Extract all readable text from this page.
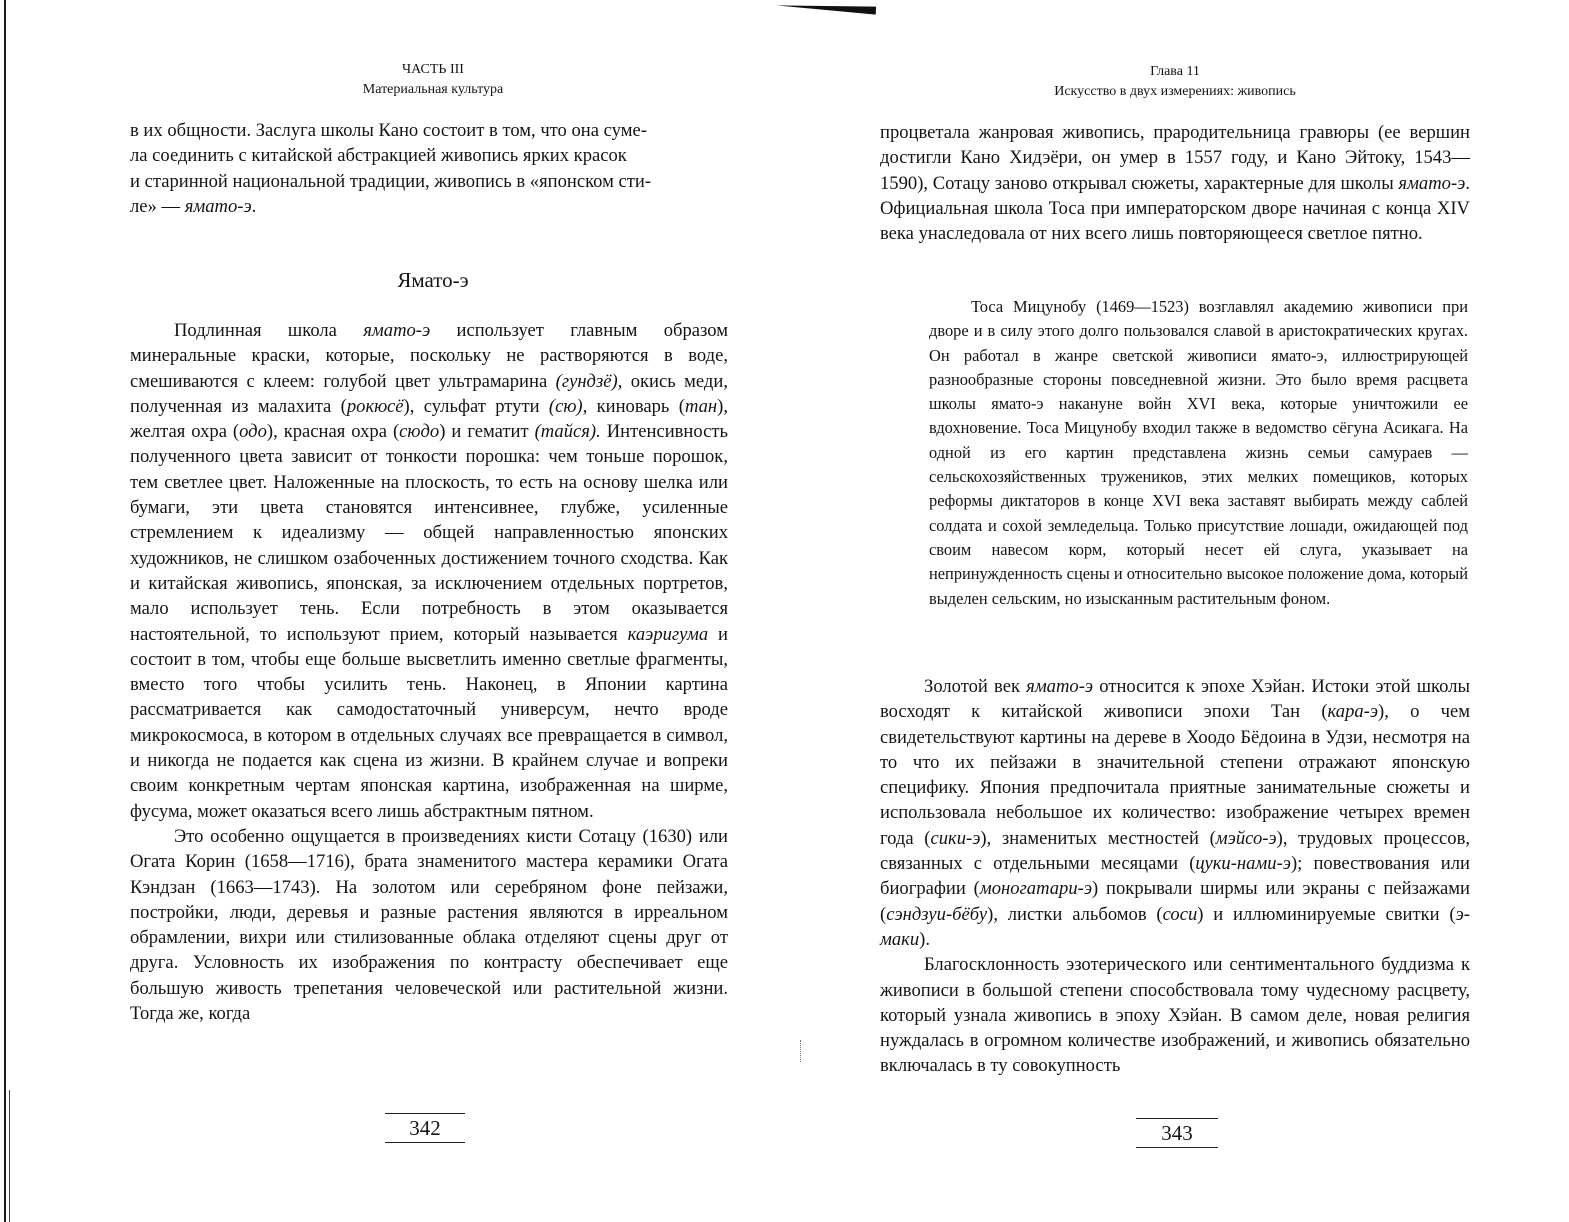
ЧАСТЬ III
Материальная культура
в их общности. Заслуга школы Кано состоит в том, что она суме-
ла соединить с китайской абстракцией живопись ярких красок
и старинной национальной традиции, живопись в «японском сти-
ле» — ямато-э.
Ямато-э

Подлинная школа ямато-э использует главным образом минеральные краски, которые, поскольку не растворяются в воде, смешиваются с клеем: голубой цвет ультрамарина (гундзё), окись меди, полученная из малахита (рокюсё), сульфат ртути (сю), киноварь (тан), желтая охра (одо), красная охра (сюдо) и гематит (тайся). Интенсивность полученного цвета зависит от тонкости порошка: чем тоньше порошок, тем светлее цвет. Наложенные на плоскость, то есть на основу шелка или бумаги, эти цвета становятся интенсивнее, глубже, усиленные стремлением к идеализму — общей направленностью японских художников, не слишком озабоченных достижением точного сходства. Как и китайская живопись, японская, за исключением отдельных портретов, мало использует тень. Если потребность в этом оказывается настоятельной, то используют прием, который называется каэригума и состоит в том, чтобы еще больше высветлить именно светлые фрагменты, вместо того чтобы усилить тень. Наконец, в Японии картина рассматривается как самодостаточный универсум, нечто вроде микрокосмоса, в котором в отдельных случаях все превращается в символ, и никогда не подается как сцена из жизни. В крайнем случае и вопреки своим конкретным чертам японская картина, изображенная на ширме, фусума, может оказаться всего лишь абстрактным пятном.

Это особенно ощущается в произведениях кисти Сотацу (1630) или Огата Корин (1658—1716), брата знаменитого мастера керамики Огата Кэндзан (1663—1743). На золотом или серебряном фоне пейзажи, постройки, люди, деревья и разные растения являются в ирреальном обрамлении, вихри или стилизованные облака отделяют сцены друг от друга. Условность их изображения по контрасту обеспечивает еще большую живость трепетания человеческой или растительной жизни. Тогда же, когда

342
Глава 11
Искусство в двух измерениях: живопись

процветала жанровая живопись, прародительница гравюры (ее вершин достигли Кано Хидэёри, он умер в 1557 году, и Кано Эйтоку, 1543—1590), Сотацу заново открывал сюжеты, характерные для школы ямато-э. Официальная школа Тоса при императорском дворе начиная с конца XIV века унаследовала от них всего лишь повторяющееся светлое пятно.

Тоса Мицунобу (1469—1523) возглавлял академию живописи при дворе и в силу этого долго пользовался славой в аристократических кругах. Он работал в жанре светской живописи ямато-э, иллюстрирующей разнообразные стороны повседневной жизни. Это было время расцвета школы ямато-э накануне войн XVI века, которые уничтожили ее вдохновение. Тоса Мицунобу входил также в ведомство сёгуна Асикага. На одной из его картин представлена жизнь семьи самураев — сельскохозяйственных тружеников, этих мелких помещиков, которых реформы диктаторов в конце XVI века заставят выбирать между саблей солдата и сохой земледельца. Только присутствие лошади, ожидающей под своим навесом корм, который несет ей слуга, указывает на непринужденность сцены и относительно высокое положение дома, который выделен сельским, но изысканным растительным фоном.

Золотой век ямато-э относится к эпохе Хэйан. Истоки этой школы восходят к китайской живописи эпохи Тан (кара-э), о чем свидетельствуют картины на дереве в Хоодо Бёдоина в Удзи, несмотря на то что их пейзажи в значительной степени отражают японскую специфику. Япония предпочитала приятные занимательные сюжеты и использовала небольшое их количество: изображение четырех времен года (сики-э), знаменитых местностей (мэйсо-э), трудовых процессов, связанных с отдельными месяцами (цуки-нами-э); повествования или биографии (моногатари-э) покрывали ширмы или экраны с пейзажами (сэндзуи-бёбу), листки альбомов (соси) и иллюминируемые свитки (э-маки).

Благосклонность эзотерического или сентиментального буддизма к живописи в большой степени способствовала тому чудесному расцвету, который узнала живопись в эпоху Хэйан. В самом деле, новая религия нуждалась в огромном количестве изображений, и живопись обязательно включалась в ту совокупность

343
